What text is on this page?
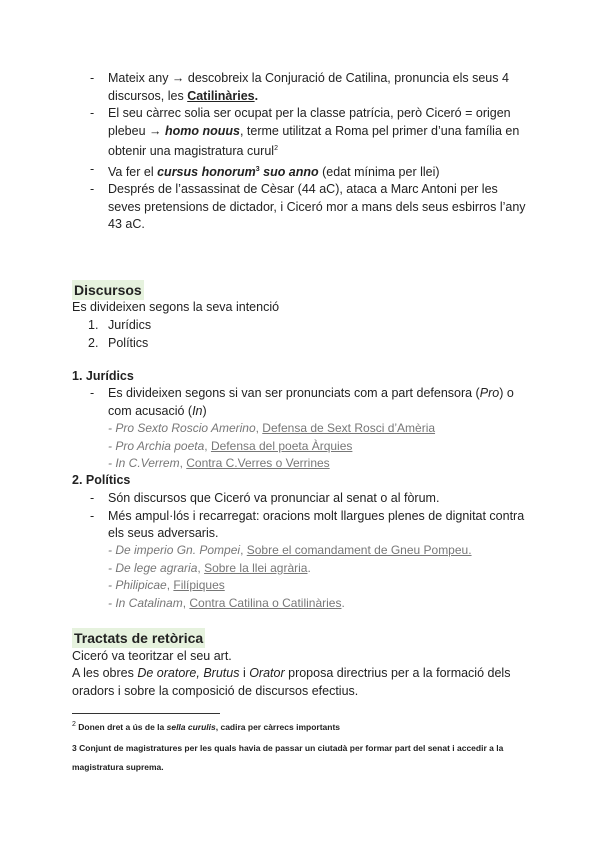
- Mateix any → descobreix la Conjuració de Catilina, pronuncia els seus 4 discursos, les Catilinàries.
- El seu càrrec solia ser ocupat per la classe patrícia, però Ciceró = origen plebeu → homo nouus, terme utilitzat a Roma pel primer d’una família en obtenir una magistratura curul$^2$
- Va fer el cursus honorum$^3$ suo anno (edat mínima per llei)
- Després de l’assassinat de Cèsar (44 aC), ataca a Marc Antoni per les seves pretensions de dictador, i Ciceró mor a mans dels seus esbirros l’any 43 aC.
Discursos
Es divideixen segons la seva intenció
1. Jurídics
2. Polítics
1. Jurídics
- Es divideixen segons si van ser pronunciats com a part defensora (Pro) o com acusació (In)
- Pro Sexto Roscio Amerino, Defensa de Sext Rosci d’Amèria
- Pro Archia poeta, Defensa del poeta Àrquies
- In C.Verrem, Contra C.Verres o Verrines
2. Polítics
- Són discursos que Ciceró va pronunciar al senat o al fòrum.
- Més ampul·lós i recarregat: oracions molt llargues plenes de dignitat contra els seus adversaris.
- De imperio Gn. Pompei, Sobre el comandament de Gneu Pompeu.
- De lege agraria, Sobre la llei agrària.
- Philipicae, Filípiques
- In Catalinam, Contra Catilina o Catilinàries.
Tractats de retòrica
Ciceró va teoritzar el seu art.
A les obres De oratore, Brutus i Orator proposa directrius per a la formació dels oradors i sobre la composició de discursos efectius.
$^2$ Donen dret a ús de la sella curulis, cadira per càrrecs importants
3 Conjunt de magistratures per les quals havia de passar un ciutadà per formar part del senat i accedir a la magistratura suprema.
